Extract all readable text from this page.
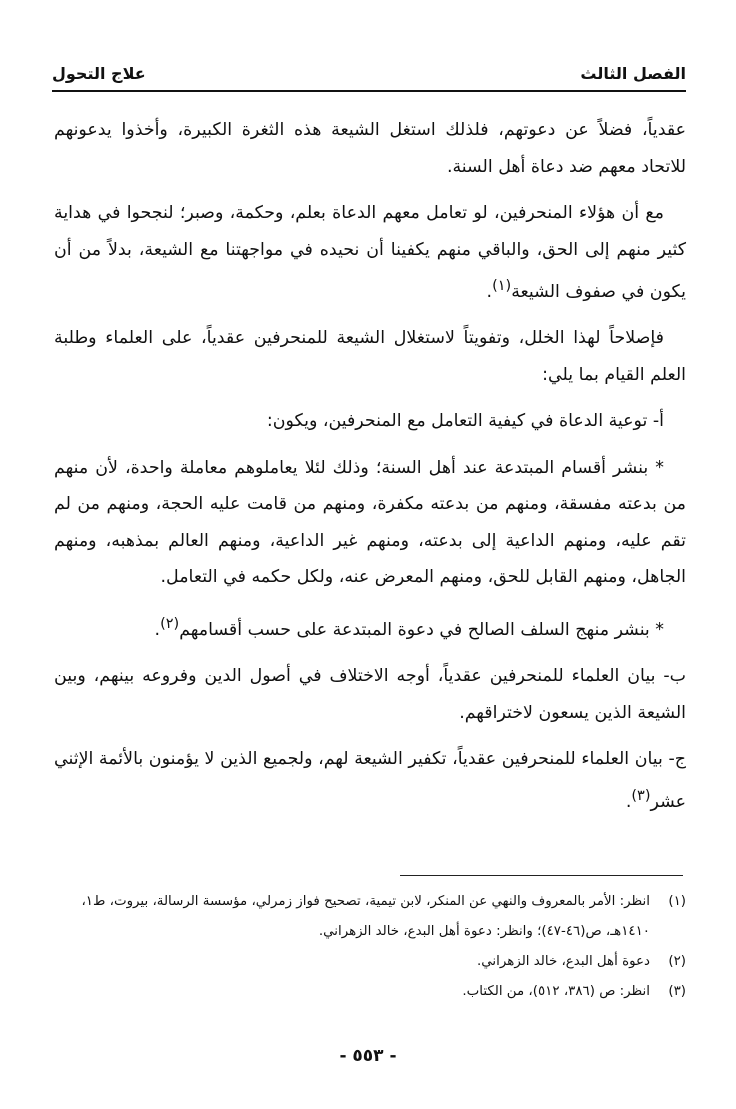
الفصل الثالث
علاج التحول

عقدياً، فضلاً عن دعوتهم، فلذلك استغل الشيعة هذه الثغرة الكبيرة، وأخذوا يدعونهم للاتحاد معهم ضد دعاة أهل السنة.

مع أن هؤلاء المنحرفين، لو تعامل معهم الدعاة بعلم، وحكمة، وصبر؛ لنجحوا في هداية كثير منهم إلى الحق، والباقي منهم يكفينا أن نحيده في مواجهتنا مع الشيعة، بدلاً من أن يكون في صفوف الشيعة$^{(١)}$.

فإصلاحاً لهذا الخلل، وتفويتاً لاستغلال الشيعة للمنحرفين عقدياً، على العلماء وطلبة العلم القيام بما يلي:

أ- توعية الدعاة في كيفية التعامل مع المنحرفين، ويكون:

* بنشر أقسام المبتدعة عند أهل السنة؛ وذلك لئلا يعاملوهم معاملة واحدة، لأن منهم من بدعته مفسقة، ومنهم من بدعته مكفرة، ومنهم من قامت عليه الحجة، ومنهم من لم تقم عليه، ومنهم الداعية إلى بدعته، ومنهم غير الداعية، ومنهم العالم بمذهبه، ومنهم الجاهل، ومنهم القابل للحق، ومنهم المعرض عنه، ولكل حكمه في التعامل.

* بنشر منهج السلف الصالح في دعوة المبتدعة على حسب أقسامهم$^{(٢)}$.

ب- بيان العلماء للمنحرفين عقدياً، أوجه الاختلاف في أصول الدين وفروعه بينهم، وبين الشيعة الذين يسعون لاختراقهم.

ج- بيان العلماء للمنحرفين عقدياً، تكفير الشيعة لهم، ولجميع الذين لا يؤمنون بالأئمة الإثني عشر$^{(٣)}$.

(١)
انظر: الأمر بالمعروف والنهي عن المنكر، لابن تيمية، تصحيح فواز زمرلي، مؤسسة الرسالة، بيروت، ط١، ١٤١٠هـ، ص(٤٦-٤٧)؛ وانظر: دعوة أهل البدع، خالد الزهراني.
(٢)
دعوة أهل البدع، خالد الزهراني.
(٣)
انظر: ص (٣٨٦، ٥١٢)، من الكتاب.
- ٥٥٣ -
